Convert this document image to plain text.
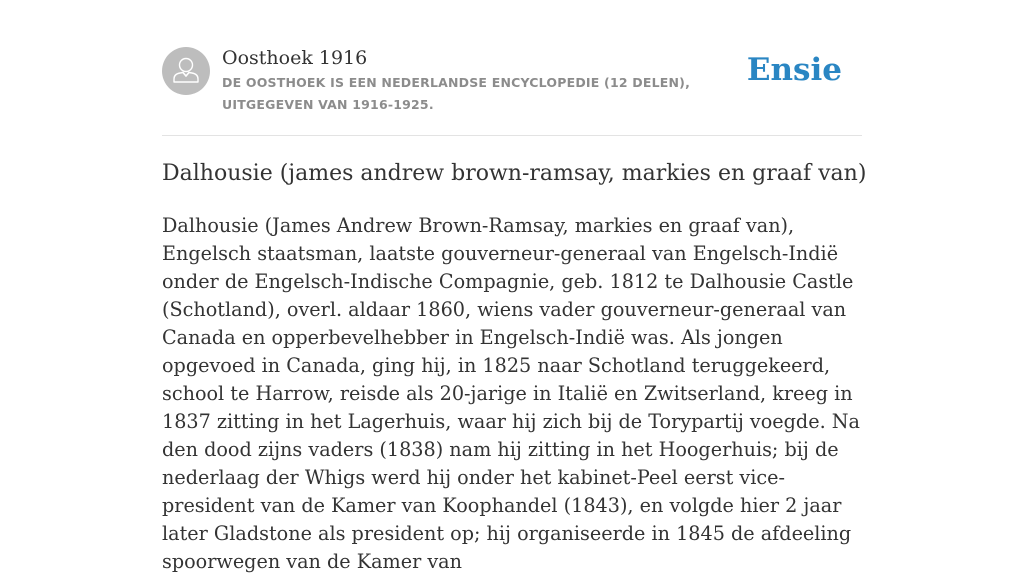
Oosthoek 1916
DE OOSTHOEK IS EEN NEDERLANDSE ENCYCLOPEDIE (12 DELEN), UITGEGEVEN VAN 1916-1925.
Ensie
Dalhousie (james andrew brown-ramsay, markies en graaf van)

Dalhousie (James Andrew Brown-Ramsay, markies en graaf van), Engelsch staatsman, laatste gouverneur-generaal van Engelsch-Indië onder de Engelsch-Indische Compagnie, geb. 1812 te Dalhousie Castle (Schotland), overl. aldaar 1860, wiens vader gouverneur-generaal van Canada en opperbevelhebber in Engelsch-Indië was. Als jongen opgevoed in Canada, ging hij, in 1825 naar Schotland teruggekeerd, school te Harrow, reisde als 20-jarige in Italië en Zwitserland, kreeg in 1837 zitting in het Lagerhuis, waar hij zich bij de Torypartij voegde. Na den dood zijns vaders (1838) nam hij zitting in het Hoogerhuis; bij de nederlaag der Whigs werd hij onder het kabinet-Peel eerst vice-president van de Kamer van Koophandel (1843), en volgde hier 2 jaar later Gladstone als president op; hij organiseerde in 1845 de afdeeling spoorwegen van de Kamer van
